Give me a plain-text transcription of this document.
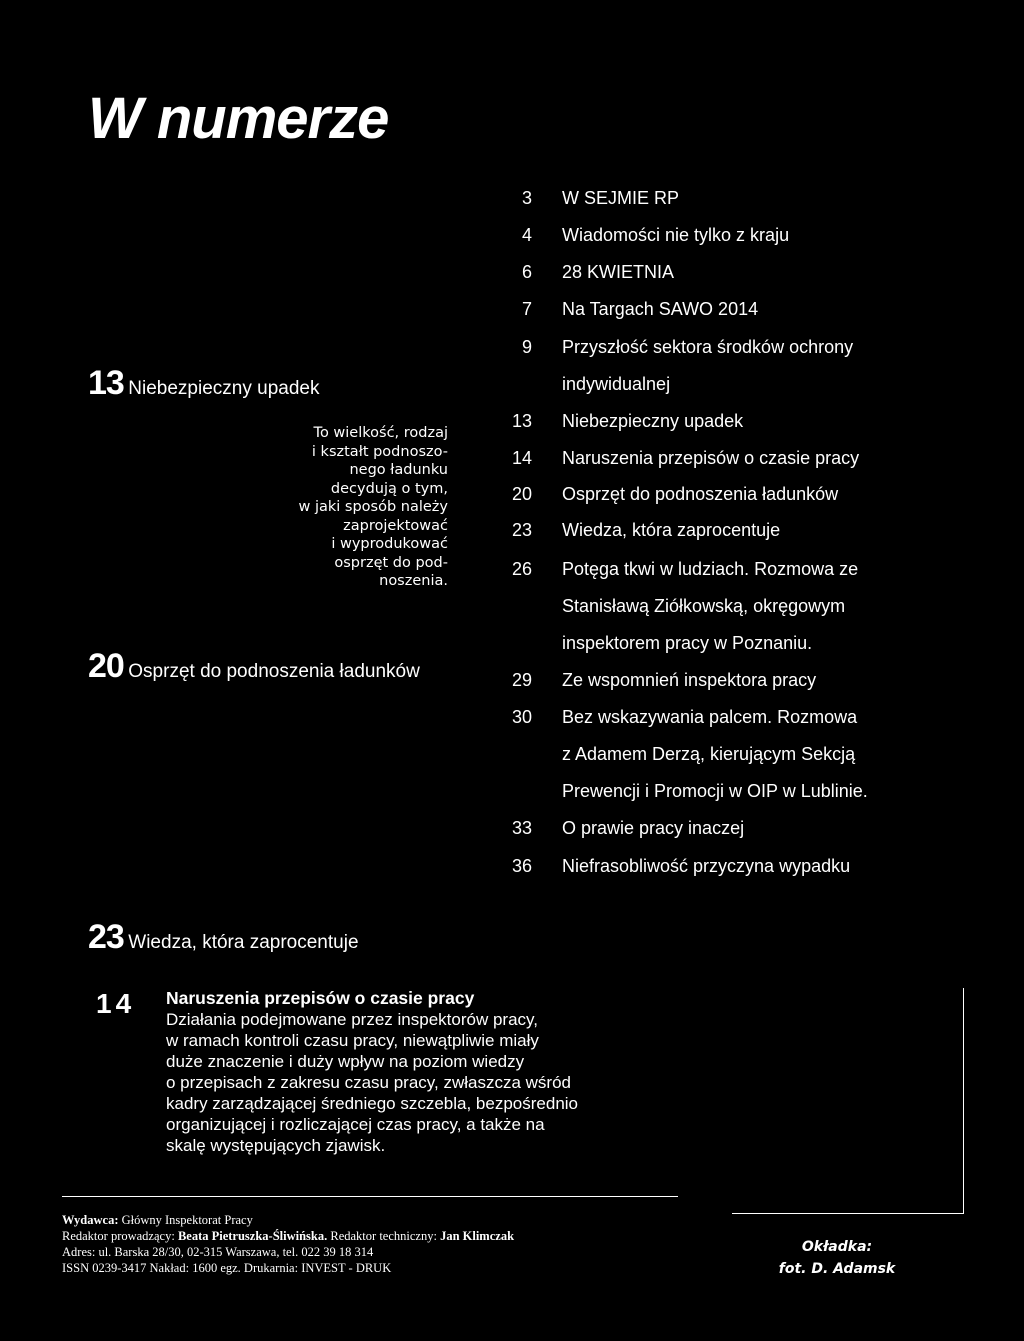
W numerze
13 Niebezpieczny upadek
To wielkość, rodzaj
i kształt podnoszo-
nego ładunku
decydują o tym,
w jaki sposób należy
zaprojektować
i wyprodukować
osprzęt do pod-
noszenia.
20 Osprzęt do podnoszenia ładunków
23 Wiedza, która zaprocentuje
3 W SEJMIE RP
4 Wiadomości nie tylko z kraju
6 28 KWIETNIA
7 Na Targach SAWO 2014
9 Przyszłość sektora środków ochrony
indywidualnej
13 Niebezpieczny upadek
14 Naruszenia przepisów o czasie pracy
20 Osprzęt do podnoszenia ładunków
23 Wiedza, która zaprocentuje
26 Potęga tkwi w ludziach. Rozmowa ze
Stanisławą Ziółkowską, okręgowym
inspektorem pracy w Poznaniu.
29 Ze wspomnień inspektora pracy
30 Bez wskazywania palcem. Rozmowa
z Adamem Derzą, kierującym Sekcją
Prewencji i Promocji w OIP w Lublinie.
33 O prawie pracy inaczej
36 Niefrasobliwość przyczyna wypadku
14 Naruszenia przepisów o czasie pracy
Działania podejmowane przez inspektorów pracy,
w ramach kontroli czasu pracy, niewątpliwie miały
duże znaczenie i duży wpływ na poziom wiedzy
o przepisach z zakresu czasu pracy, zwłaszcza wśród
kadry zarządzającej średniego szczebla, bezpośrednio
organizującej i rozliczającej czas pracy, a także na
skalę występujących zjawisk.
Wydawca: Główny Inspektorat Pracy
Redaktor prowadzący: Beata Pietruszka-Śliwińska. Redaktor techniczny: Jan Klimczak
Adres: ul. Barska 28/30, 02-315 Warszawa, tel. 022 39 18 314
ISSN 0239-3417 Nakład: 1600 egz. Drukarnia: INVEST - DRUK
Okładka:
fot. D. Adamsk
